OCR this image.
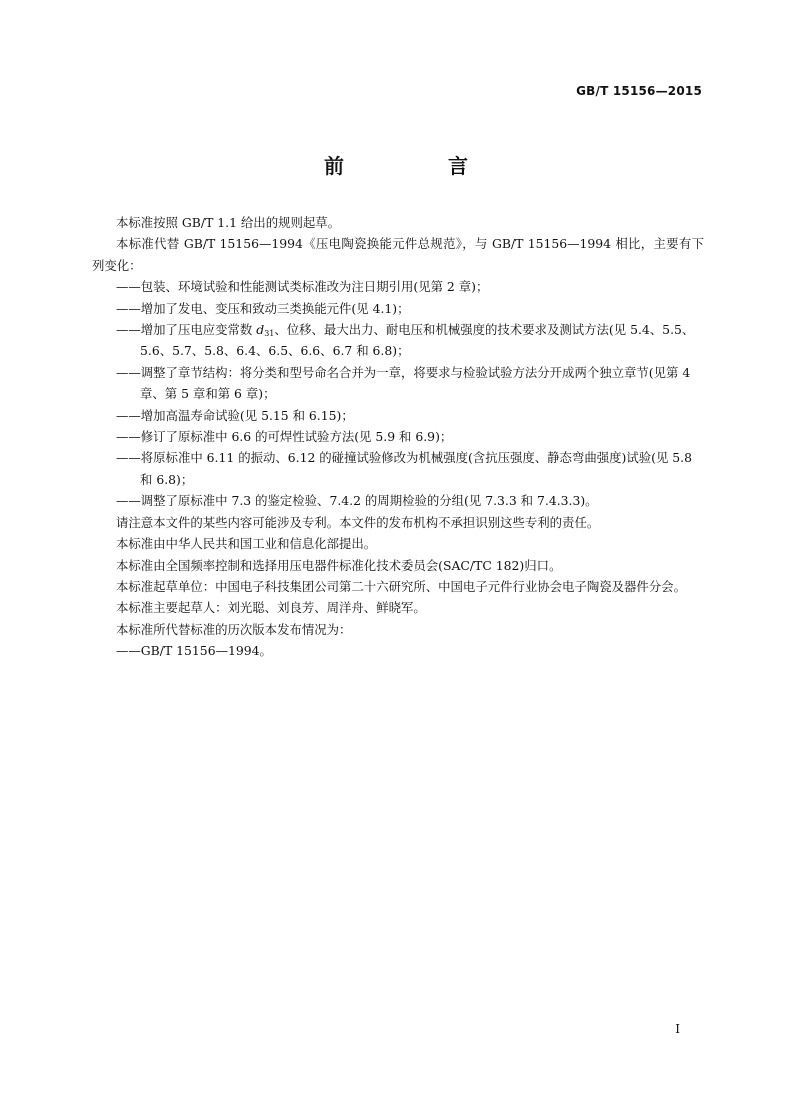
GB/T 15156—2015
前　言

本标准按照 GB/T 1.1 给出的规则起草。

本标准代替 GB/T 15156—1994《压电陶瓷换能元件总规范》，与 GB/T 15156—1994 相比，主要有下列变化：

——包装、环境试验和性能测试类标准改为注日期引用(见第 2 章)；

——增加了发电、变压和致动三类换能元件(见 4.1)；

——增加了压电应变常数 $d_{31}$、位移、最大出力、耐电压和机械强度的技术要求及测试方法(见 5.4、5.5、5.6、5.7、5.8、6.4、6.5、6.6、6.7 和 6.8)；

——调整了章节结构：将分类和型号命名合并为一章，将要求与检验试验方法分开成两个独立章节(见第 4 章、第 5 章和第 6 章)；

——增加高温寿命试验(见 5.15 和 6.15)；

——修订了原标准中 6.6 的可焊性试验方法(见 5.9 和 6.9)；

——将原标准中 6.11 的振动、6.12 的碰撞试验修改为机械强度(含抗压强度、静态弯曲强度)试验(见 5.8 和 6.8)；

——调整了原标准中 7.3 的鉴定检验、7.4.2 的周期检验的分组(见 7.3.3 和 7.4.3.3)。

请注意本文件的某些内容可能涉及专利。本文件的发布机构不承担识别这些专利的责任。

本标准由中华人民共和国工业和信息化部提出。

本标准由全国频率控制和选择用压电器件标准化技术委员会(SAC/TC 182)归口。

本标准起草单位：中国电子科技集团公司第二十六研究所、中国电子元件行业协会电子陶瓷及器件分会。

本标准主要起草人：刘光聪、刘良芳、周洋舟、鲜晓军。

本标准所代替标准的历次版本发布情况为：

——GB/T 15156—1994。

I
